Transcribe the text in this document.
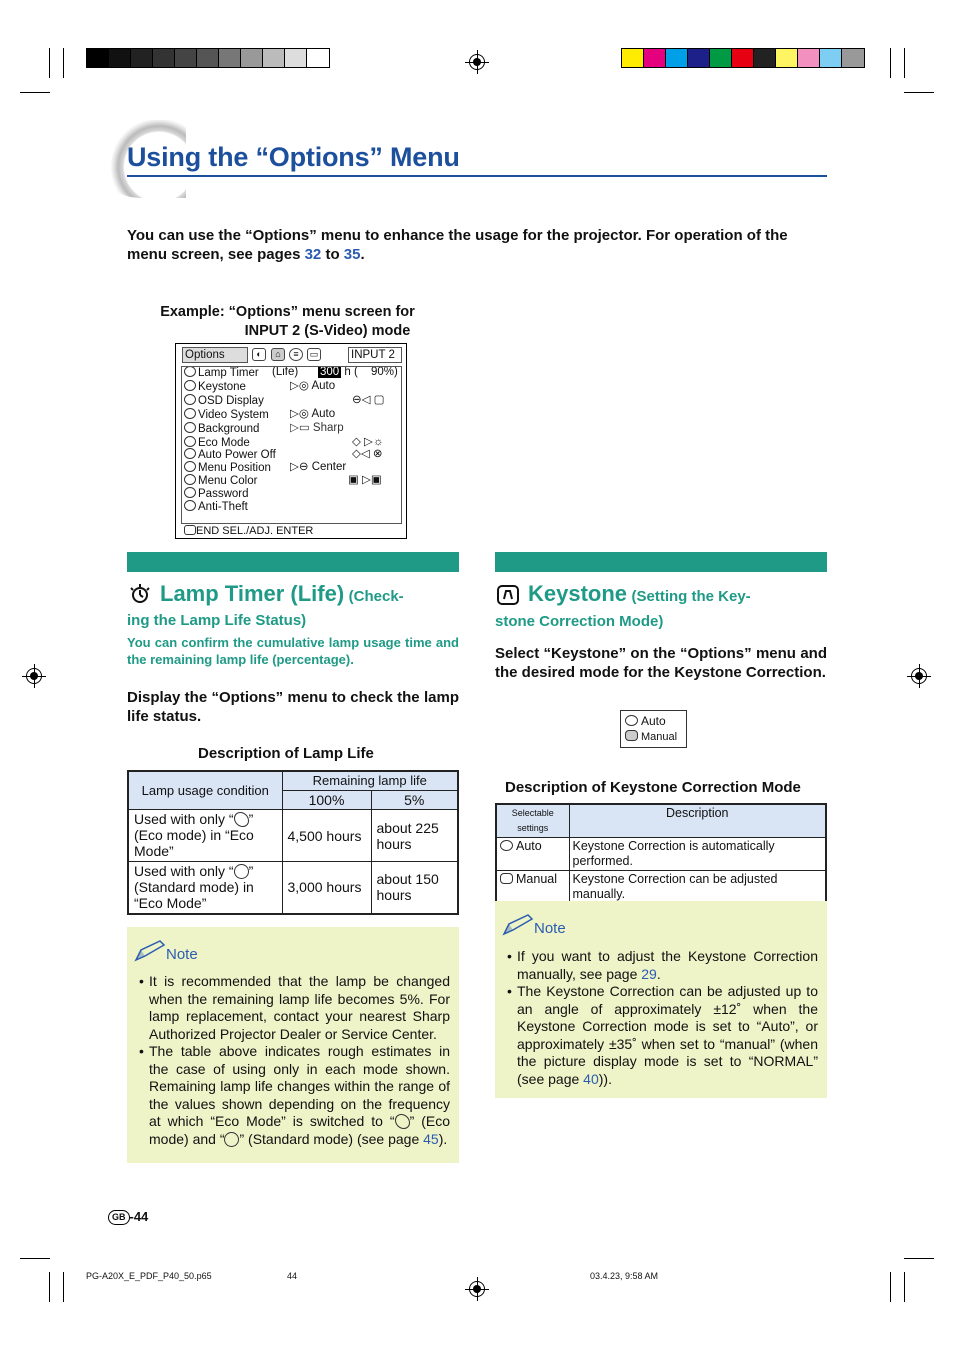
Using the “Options” Menu

You can use the “Options” menu to enhance the usage for the projector. For operation of the menu screen, see pages 32 to 35.

Example: “Options” menu screen for
INPUT 2 (S-Video) mode
Options	◐	⌂	≡	▭	INPUT 2
Lamp Timer (Life) 300 h ( 90%)
Keystone	▷◎ Auto
OSD Display	⊖◁ ▢
Video System ▷◎ Auto
Background	▷▭ Sharp
Eco Mode	◇ ▷☼
Auto Power Off	◇◁ ⊗
Menu Position ▷⊖ Center
Menu Color	▣ ▷▣
Password
Anti-Theft
END SEL./ADJ. ENTER
Lamp Timer (Life) (Check-
ing the Lamp Life Status)

You can confirm the cumulative lamp usage time and the remaining lamp life (percentage).

Display the “Options” menu to check the lamp life status.

Description of Lamp Life
Lamp usage condition	Remaining lamp life	
	100%	5%
Used with only “ ” (Eco mode) in “Eco Mode”	4,500 hours	about 225 hours
Used with only “ ” (Standard mode) in “Eco Mode”	3,000 hours	about 150 hours
Note
• It is recommended that the lamp be changed when the remaining lamp life becomes 5%. For lamp replacement, contact your nearest Sharp Authorized Projector Dealer or Service Center.
• The table above indicates rough estimates in the case of using only in each mode shown. Remaining lamp life changes within the range of the values shown depending on the frequency at which “Eco Mode” is switched to “ ” (Eco mode) and “ ” (Standard mode) (see page 45).
Keystone (Setting the Key-
stone Correction Mode)

Select “Keystone” on the “Options” menu and the desired mode for the Keystone Correction.

Auto
Manual
Description of Keystone Correction Mode
Selectable settings	Description
Auto	Keystone Correction is automatically performed.
Manual	Keystone Correction can be adjusted manually.
Note
• If you want to adjust the Keystone Correction manually, see page 29.
• The Keystone Correction can be adjusted up to an angle of approximately ±12˚ when the Keystone Correction mode is set to “Auto”, or approximately ±35˚ when set to “manual” (when the picture display mode is set to “NORMAL” (see page 40)).
GB -44
PG-A20X_E_PDF_P40_50.p65	44	03.4.23, 9:58 AM
